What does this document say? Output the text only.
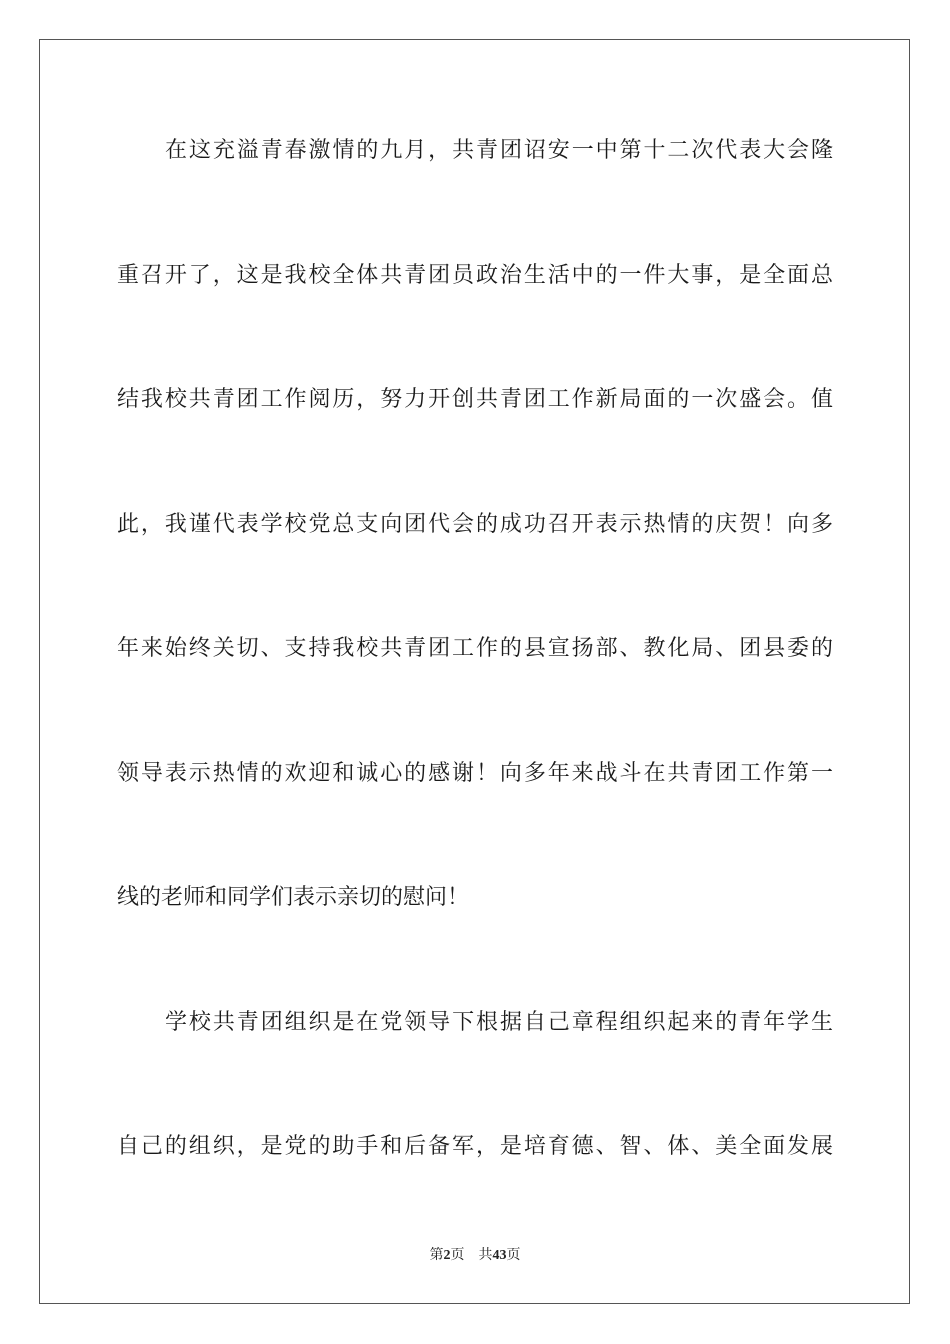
在这充溢青春激情的九月，共青团诏安一中第十二次代表大会隆
重召开了，这是我校全体共青团员政治生活中的一件大事，是全面总
结我校共青团工作阅历，努力开创共青团工作新局面的一次盛会。值
此，我谨代表学校党总支向团代会的成功召开表示热情的庆贺！向多
年来始终关切、支持我校共青团工作的县宣扬部、教化局、团县委的
领导表示热情的欢迎和诚心的感谢！向多年来战斗在共青团工作第一
线的老师和同学们表示亲切的慰问！
学校共青团组织是在党领导下根据自己章程组织起来的青年学生
自己的组织，是党的助手和后备军，是培育德、智、体、美全面发展
第2页 共43页
